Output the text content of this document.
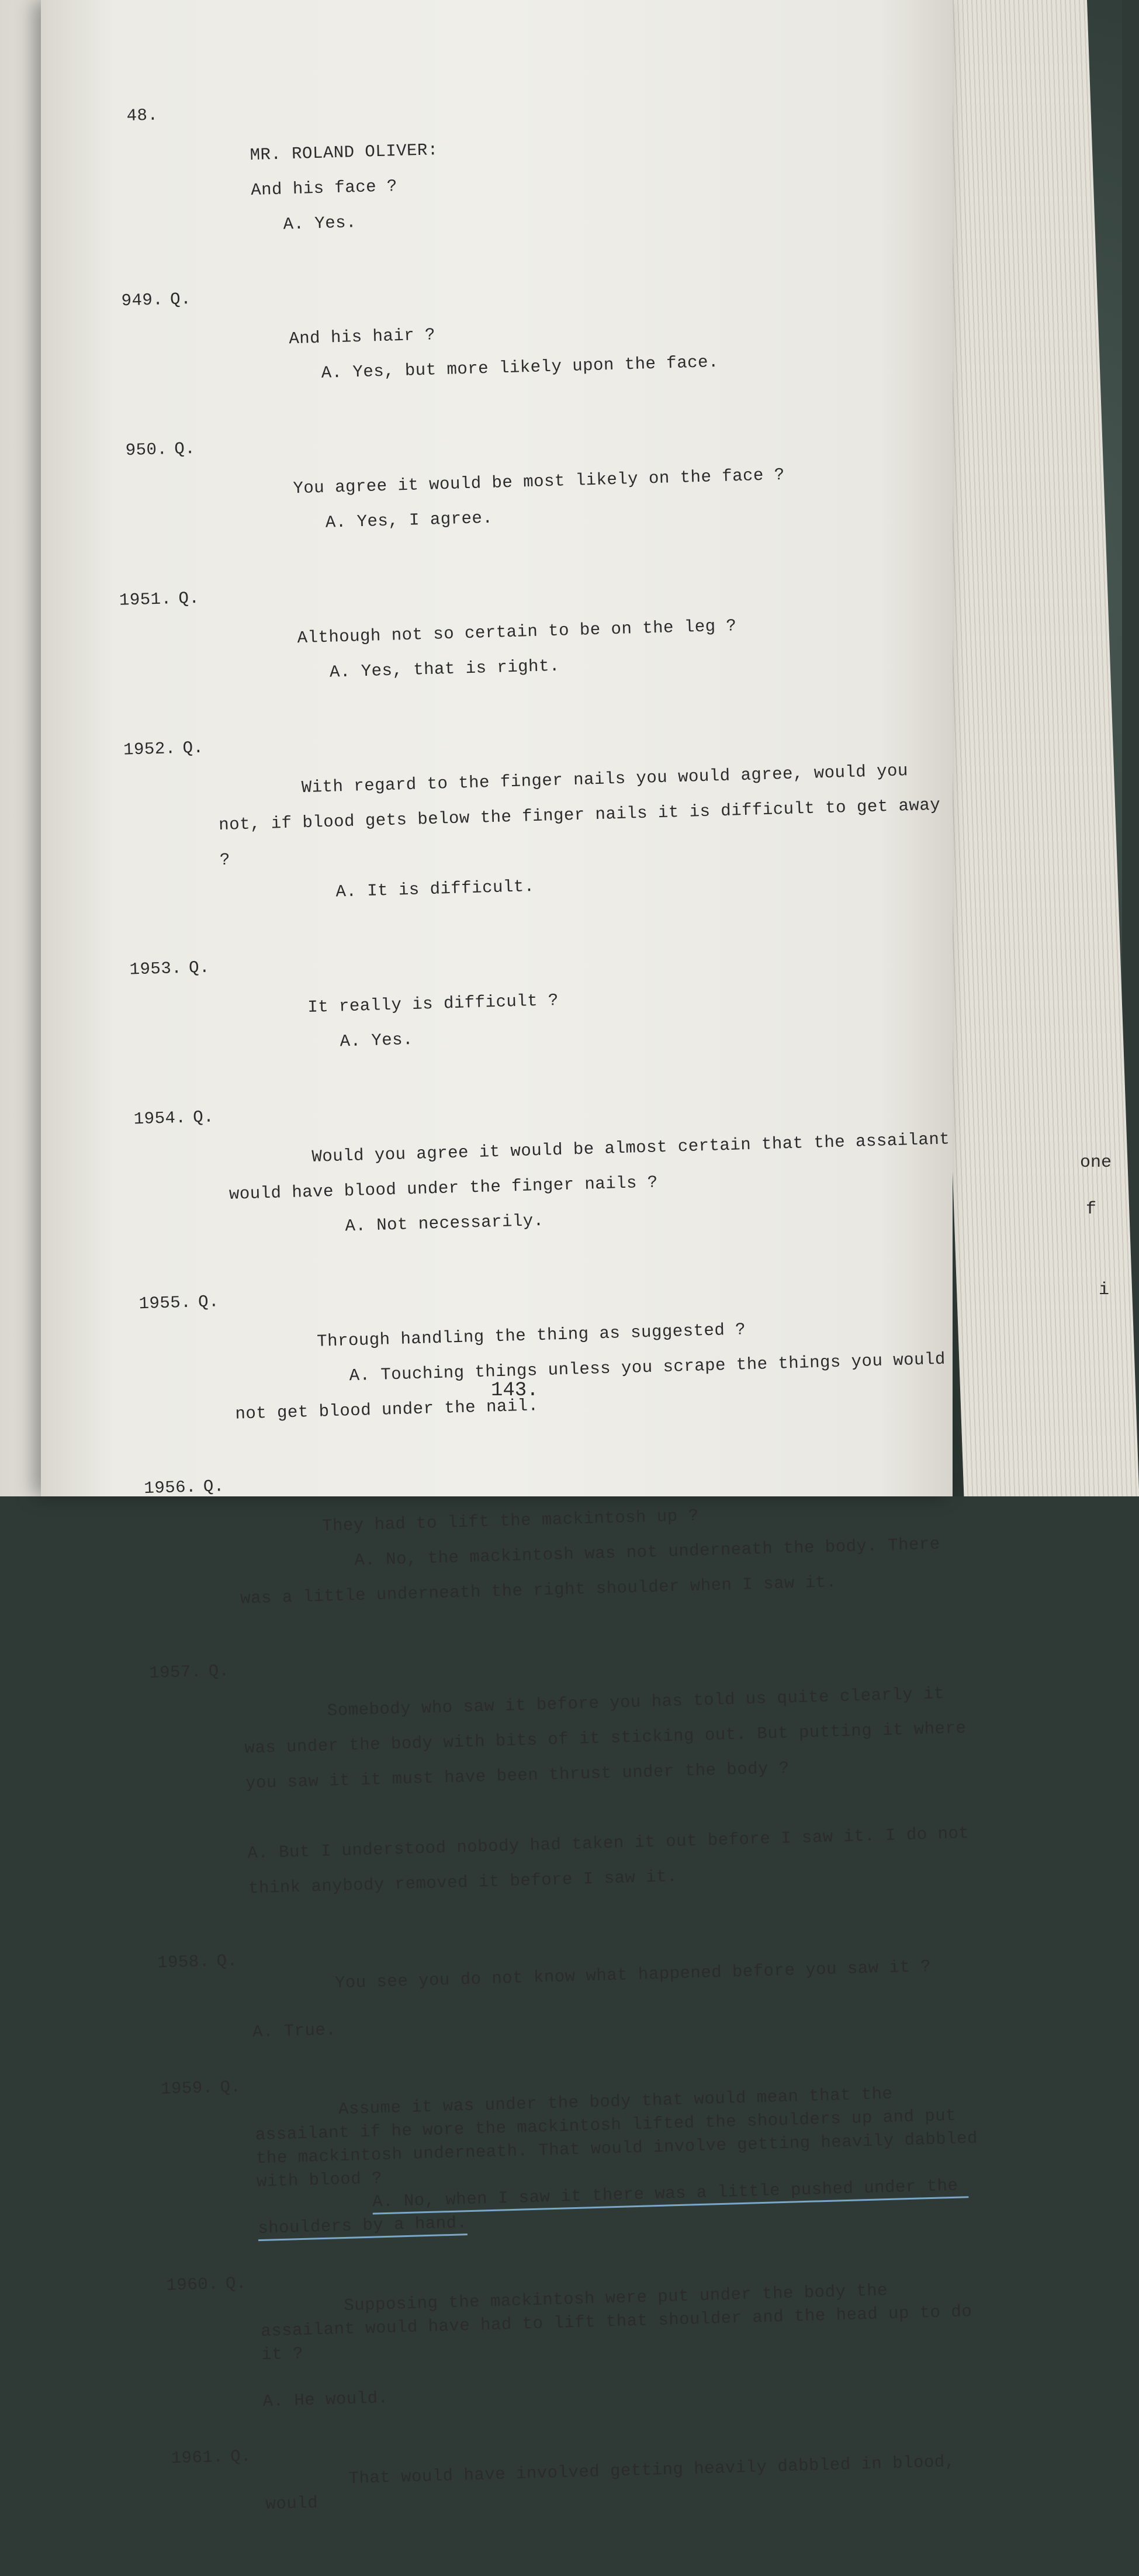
48.

MR. ROLAND OLIVER:
And his face ?
A. Yes.

949. Q.

And his hair ?
A. Yes, but more likely upon the face.

950. Q.

You agree it would be most likely on the face ?
A. Yes, I agree.

1951. Q.

Although not so certain to be on the leg ?
A. Yes, that is right.

1952. Q.

With regard to the finger nails you would agree, would you not, if blood gets below the finger nails it is difficult to get away ?
A. It is difficult.

1953. Q.

It really is difficult ?
A. Yes.

1954. Q.

Would you agree it would be almost certain that the assailant would have blood under the finger nails ?
A. Not necessarily.

1955. Q.

Through handling the thing as suggested ?
A. Touching things unless you scrape the things you would not get blood under the nail.

1956. Q.

They had to lift the mackintosh up ?
A. No, the mackintosh was not underneath the body. There was a little underneath the right shoulder when I saw it.

1957. Q.

Somebody who saw it before you has told us quite clearly it was under the body with bits of it sticking out. But putting it where you saw it it must have been thrust under the body ?

A. But I understood nobody had taken it out before I saw it. I do not think anybody removed it before I saw it.

1958. Q.	You see you do not know what happened before you saw it ?

A. True.

1959. Q.	Assume it was under the body that would mean that the assailant if he wore the mackintosh lifted the shoulders up and put the mackintosh underneath. That would involve getting heavily dabbled with blood ?
A. No, when I saw it there was a little pushed under the shoulders by a hand.

1960. Q.	Supposing the mackintosh were put under the body the assailant would have had to lift that shoulder and the head up to do it ?

A. He would.

1961. Q.	That would have involved getting heavily dabbled in blood, would

143.
one
f
i
